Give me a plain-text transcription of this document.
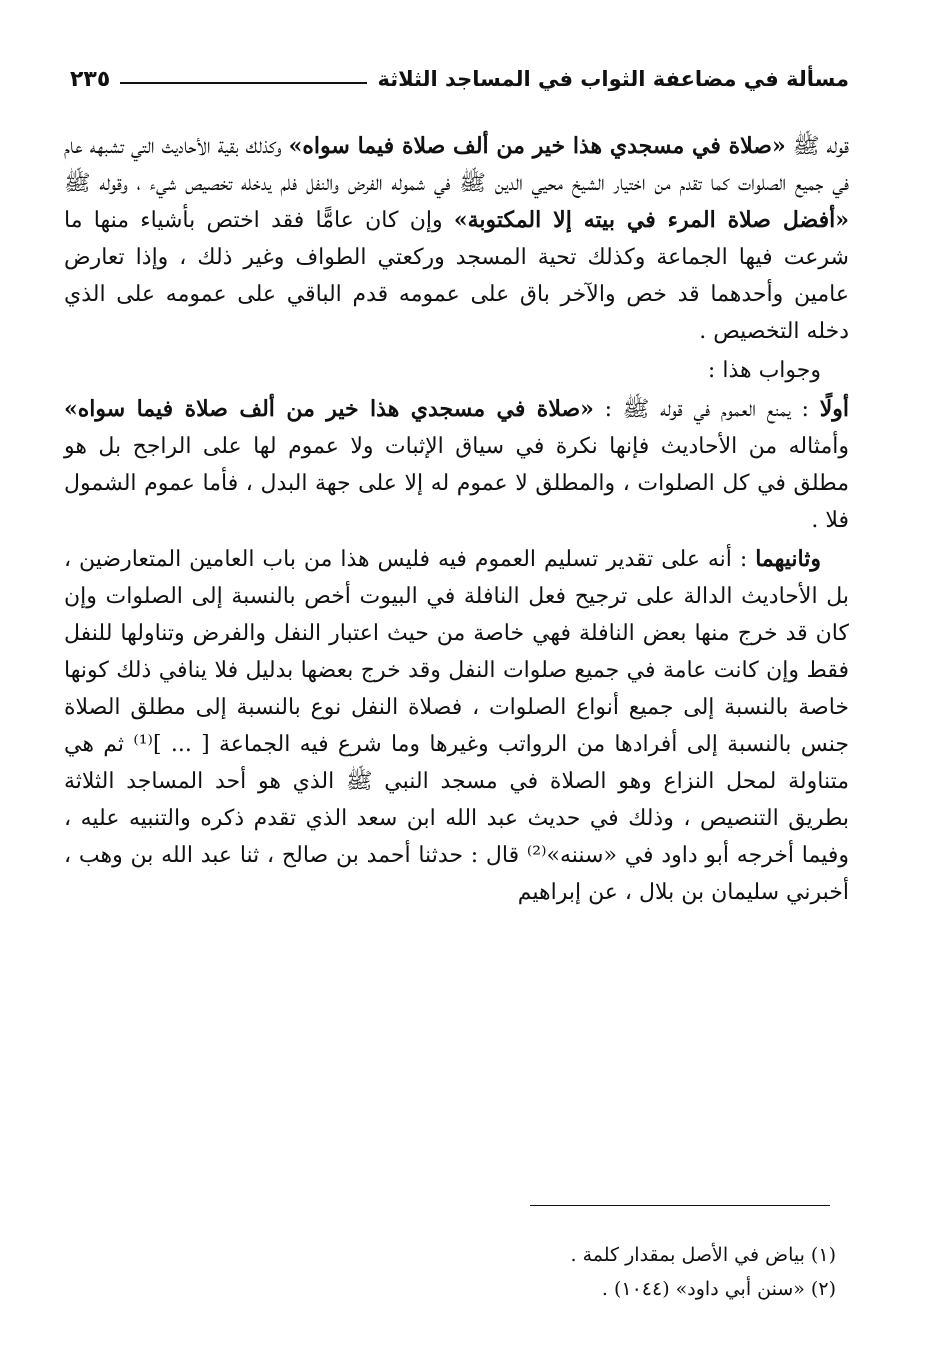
مسألة في مضاعفة الثواب في المساجد الثلاثة
٢٣٥

قوله ﷺ «صلاة في مسجدي هذا خير من ألف صلاة فيما سواه» وكذلك بقية الأحاديث التي تشبهه عام في جميع الصلوات كما تقدم من اختيار الشيخ محيي الدين ﷺ في شموله الفرض والنفل فلم يدخله تخصيص شيء ، وقوله ﷺ «أفضل صلاة المرء في بيته إلا المكتوبة» وإن كان عامًّا فقد اختص بأشياء منها ما شرعت فيها الجماعة وكذلك تحية المسجد وركعتي الطواف وغير ذلك ، وإذا تعارض عامين وأحدهما قد خص والآخر باق على عمومه قدم الباقي على عمومه على الذي دخله التخصيص .

وجواب هذا :

أولًا : يمنع العموم في قوله ﷺ : «صلاة في مسجدي هذا خير من ألف صلاة فيما سواه» وأمثاله من الأحاديث فإنها نكرة في سياق الإثبات ولا عموم لها على الراجح بل هو مطلق في كل الصلوات ، والمطلق لا عموم له إلا على جهة البدل ، فأما عموم الشمول فلا .

وثانيهما : أنه على تقدير تسليم العموم فيه فليس هذا من باب العامين المتعارضين ، بل الأحاديث الدالة على ترجيح فعل النافلة في البيوت أخص بالنسبة إلى الصلوات وإن كان قد خرج منها بعض النافلة فهي خاصة من حيث اعتبار النفل والفرض وتناولها للنفل فقط وإن كانت عامة في جميع صلوات النفل وقد خرج بعضها بدليل فلا ينافي ذلك كونها خاصة بالنسبة إلى جميع أنواع الصلوات ، فصلاة النفل نوع بالنسبة إلى مطلق الصلاة جنس بالنسبة إلى أفرادها من الرواتب وغيرها وما شرع فيه الجماعة [ ... ]⁽¹⁾ ثم هي متناولة لمحل النزاع وهو الصلاة في مسجد النبي ﷺ الذي هو أحد المساجد الثلاثة بطريق التنصيص ، وذلك في حديث عبد الله ابن سعد الذي تقدم ذكره والتنبيه عليه ، وفيما أخرجه أبو داود في «سننه»⁽²⁾ قال : حدثنا أحمد بن صالح ، ثنا عبد الله بن وهب ، أخبرني سليمان بن بلال ، عن إبراهيم

(١) بياض في الأصل بمقدار كلمة .
(٢) «سنن أبي داود» (١٠٤٤) .
